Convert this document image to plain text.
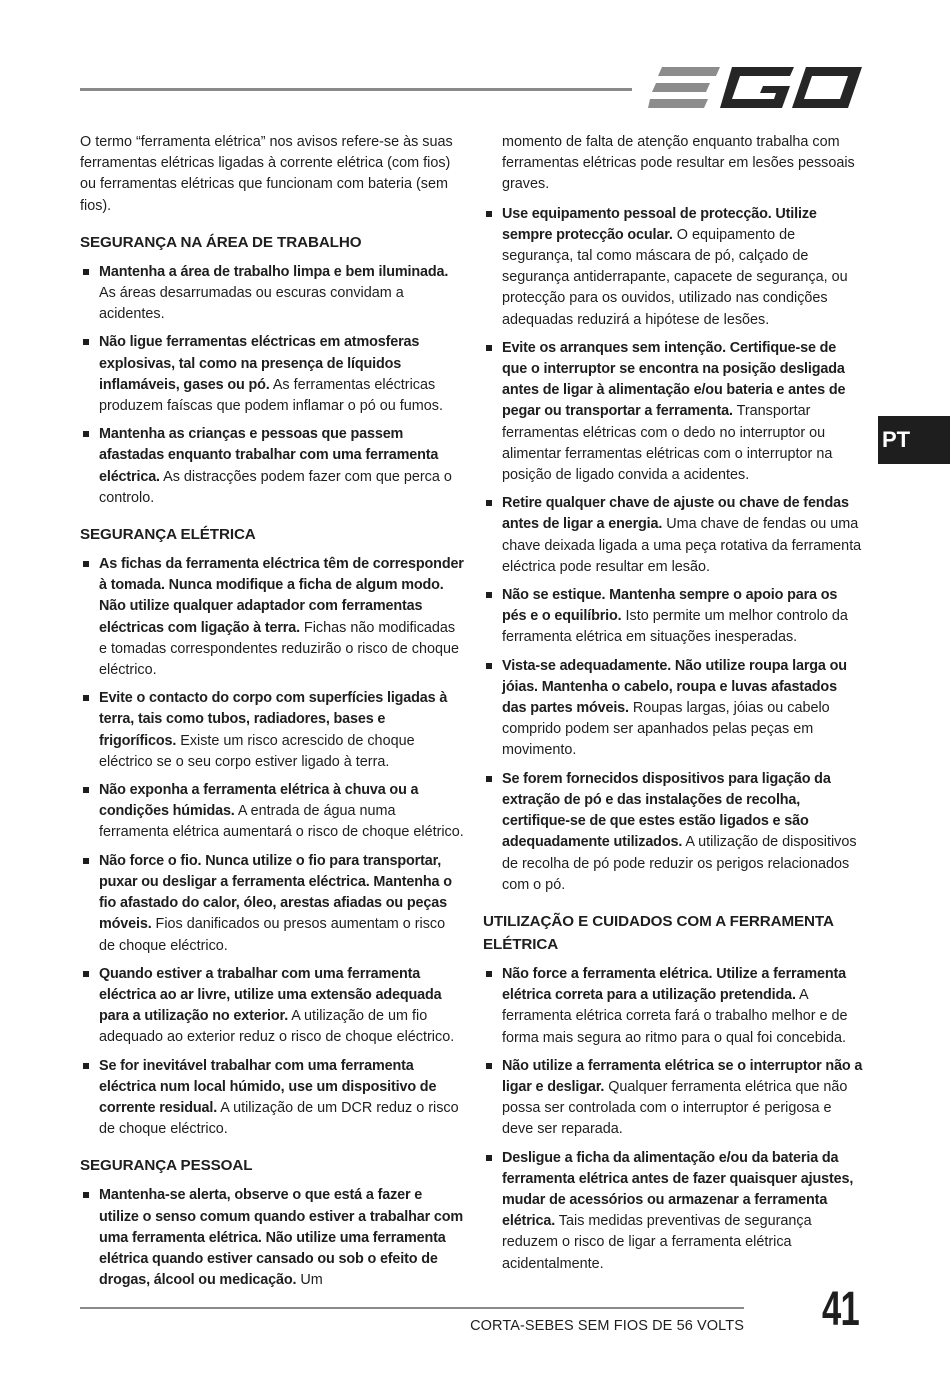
PT

O termo “ferramenta elétrica” nos avisos refere-se às suas ferramentas elétricas ligadas à corrente elétrica (com fios) ou ferramentas elétricas que funcionam com bateria (sem fios).

SEGURANÇA NA ÁREA DE TRABALHO
Mantenha a área de trabalho limpa e bem iluminada. As áreas desarrumadas ou escuras convidam a acidentes.
Não ligue ferramentas eléctricas em atmosferas explosivas, tal como na presença de líquidos inflamáveis, gases ou pó. As ferramentas eléctricas produzem faíscas que podem inflamar o pó ou fumos.
Mantenha as crianças e pessoas que passem afastadas enquanto trabalhar com uma ferramenta eléctrica. As distracções podem fazer com que perca o controlo.
SEGURANÇA ELÉTRICA
As fichas da ferramenta eléctrica têm de corresponder à tomada. Nunca modifique a ficha de algum modo. Não utilize qualquer adaptador com ferramentas eléctricas com ligação à terra. Fichas não modificadas e tomadas correspondentes reduzirão o risco de choque eléctrico.
Evite o contacto do corpo com superfícies ligadas à terra, tais como tubos, radiadores, bases e frigoríficos. Existe um risco acrescido de choque eléctrico se o seu corpo estiver ligado à terra.
Não exponha a ferramenta elétrica à chuva ou a condições húmidas. A entrada de água numa ferramenta elétrica aumentará o risco de choque elétrico.
Não force o fio. Nunca utilize o fio para transportar, puxar ou desligar a ferramenta eléctrica. Mantenha o fio afastado do calor, óleo, arestas afiadas ou peças móveis. Fios danificados ou presos aumentam o risco de choque eléctrico.
Quando estiver a trabalhar com uma ferramenta eléctrica ao ar livre, utilize uma extensão adequada para a utilização no exterior. A utilização de um fio adequado ao exterior reduz o risco de choque eléctrico.
Se for inevitável trabalhar com uma ferramenta eléctrica num local húmido, use um dispositivo de corrente residual. A utilização de um DCR reduz o risco de choque eléctrico.
SEGURANÇA PESSOAL
Mantenha-se alerta, observe o que está a fazer e utilize o senso comum quando estiver a trabalhar com uma ferramenta elétrica. Não utilize uma ferramenta elétrica quando estiver cansado ou sob o efeito de drogas, álcool ou medicação. Um

momento de falta de atenção enquanto trabalha com ferramentas elétricas pode resultar em lesões pessoais graves.

Use equipamento pessoal de protecção. Utilize sempre protecção ocular. O equipamento de segurança, tal como máscara de pó, calçado de segurança antiderrapante, capacete de segurança, ou protecção para os ouvidos, utilizado nas condições adequadas reduzirá a hipótese de lesões.
Evite os arranques sem intenção. Certifique-se de que o interruptor se encontra na posição desligada antes de ligar à alimentação e/ou bateria e antes de pegar ou transportar a ferramenta. Transportar ferramentas elétricas com o dedo no interruptor ou alimentar ferramentas elétricas com o interruptor na posição de ligado convida a acidentes.
Retire qualquer chave de ajuste ou chave de fendas antes de ligar a energia. Uma chave de fendas ou uma chave deixada ligada a uma peça rotativa da ferramenta eléctrica pode resultar em lesão.
Não se estique. Mantenha sempre o apoio para os pés e o equilíbrio. Isto permite um melhor controlo da ferramenta elétrica em situações inesperadas.
Vista-se adequadamente. Não utilize roupa larga ou jóias. Mantenha o cabelo, roupa e luvas afastados das partes móveis. Roupas largas, jóias ou cabelo comprido podem ser apanhados pelas peças em movimento.
Se forem fornecidos dispositivos para ligação da extração de pó e das instalações de recolha, certifique-se de que estes estão ligados e são adequadamente utilizados. A utilização de dispositivos de recolha de pó pode reduzir os perigos relacionados com o pó.
UTILIZAÇÃO E CUIDADOS COM A FERRAMENTA ELÉTRICA
Não force a ferramenta elétrica. Utilize a ferramenta elétrica correta para a utilização pretendida. A ferramenta elétrica correta fará o trabalho melhor e de forma mais segura ao ritmo para o qual foi concebida.
Não utilize a ferramenta elétrica se o interruptor não a ligar e desligar. Qualquer ferramenta elétrica que não possa ser controlada com o interruptor é perigosa e deve ser reparada.
Desligue a ficha da alimentação e/ou da bateria da ferramenta elétrica antes de fazer quaisquer ajustes, mudar de acessórios ou armazenar a ferramenta elétrica. Tais medidas preventivas de segurança reduzem o risco de ligar a ferramenta elétrica acidentalmente.
CORTA-SEBES SEM FIOS DE 56 VOLTS 41
